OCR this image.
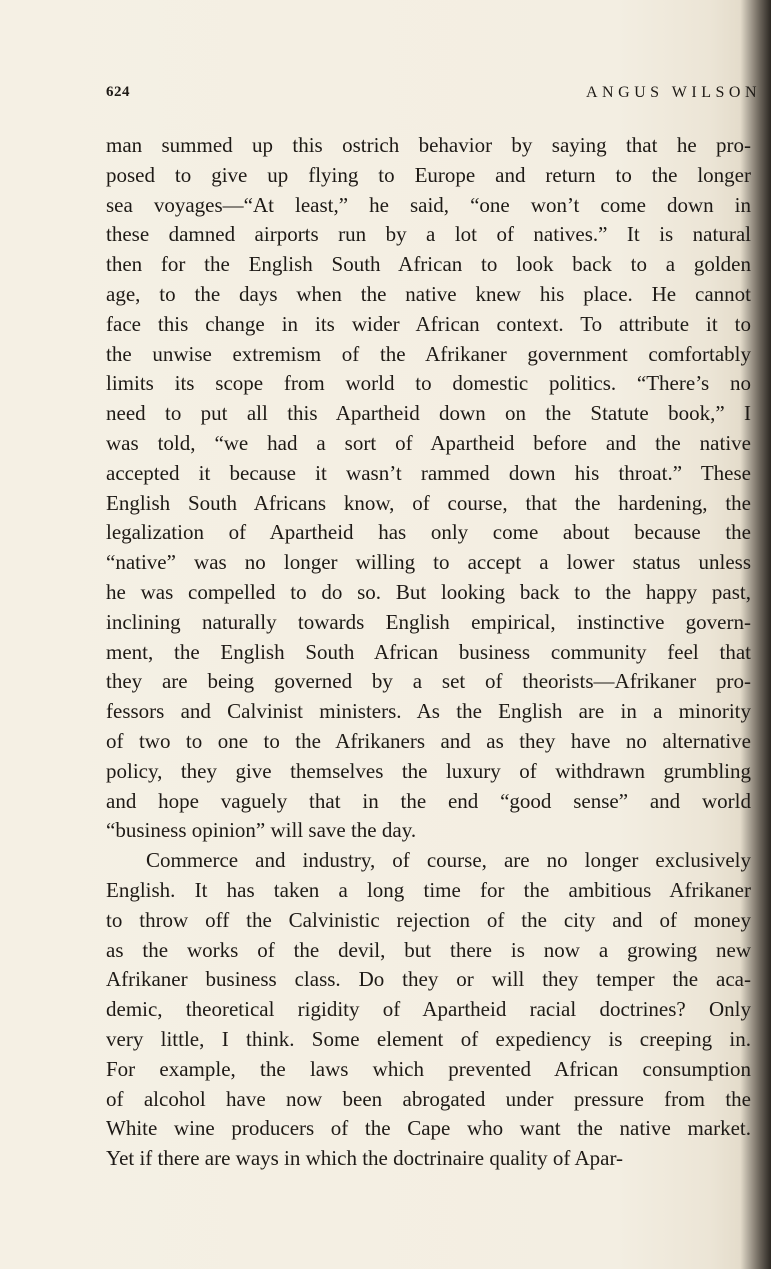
624	ANGUS WILSON
man summed up this ostrich behavior by saying that he pro-
posed to give up flying to Europe and return to the longer
sea voyages—“At least,” he said, “one won’t come down in
these damned airports run by a lot of natives.” It is natural
then for the English South African to look back to a golden
age, to the days when the native knew his place. He cannot
face this change in its wider African context. To attribute it to
the unwise extremism of the Afrikaner government comfortably
limits its scope from world to domestic politics. “There’s no
need to put all this Apartheid down on the Statute book,” I
was told, “we had a sort of Apartheid before and the native
accepted it because it wasn’t rammed down his throat.” These
English South Africans know, of course, that the hardening, the
legalization of Apartheid has only come about because the
“native” was no longer willing to accept a lower status unless
he was compelled to do so. But looking back to the happy past,
inclining naturally towards English empirical, instinctive govern-
ment, the English South African business community feel that
they are being governed by a set of theorists—Afrikaner pro-
fessors and Calvinist ministers. As the English are in a minority
of two to one to the Afrikaners and as they have no alternative
policy, they give themselves the luxury of withdrawn grumbling
and hope vaguely that in the end “good sense” and world
“business opinion” will save the day.
Commerce and industry, of course, are no longer exclusively
English. It has taken a long time for the ambitious Afrikaner
to throw off the Calvinistic rejection of the city and of money
as the works of the devil, but there is now a growing new
Afrikaner business class. Do they or will they temper the aca-
demic, theoretical rigidity of Apartheid racial doctrines? Only
very little, I think. Some element of expediency is creeping in.
For example, the laws which prevented African consumption
of alcohol have now been abrogated under pressure from the
White wine producers of the Cape who want the native market.
Yet if there are ways in which the doctrinaire quality of Apar-
